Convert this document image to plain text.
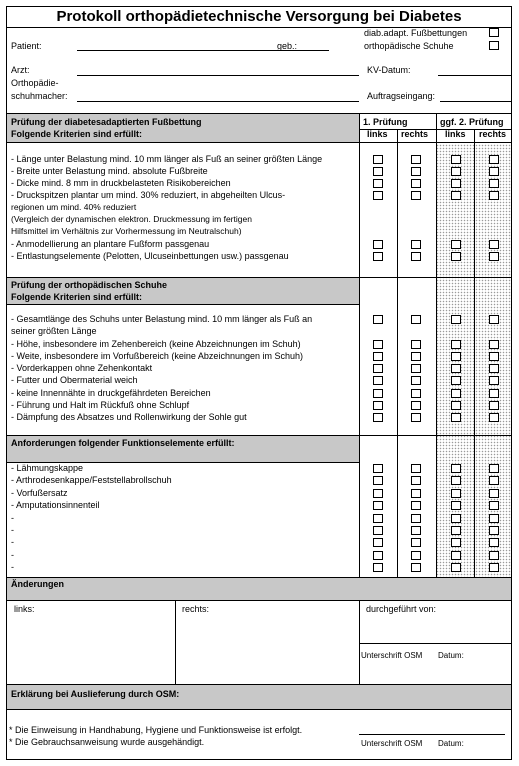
Protokoll orthopädietechnische Versorgung bei Diabetes
Patient:	geb.:
diab.adapt. Fußbettungen
orthopädische Schuhe
Arzt:	KV-Datum:
Orthopädie-
schuhmacher:	Auftragseingang:
Prüfung der diabetesadaptierten Fußbettung
Folgende Kriterien sind erfüllt:
1. Prüfung	ggf. 2. Prüfung
links rechts links rechts
- Länge unter Belastung mind. 10 mm länger als Fuß an seiner größten Länge
- Breite unter Belastung mind. absolute Fußbreite
- Dicke mind. 8 mm in druckbelasteten Risikobereichen
- Druckspitzen plantar um mind. 30% reduziert, in abgeheilten Ulcus-
regionen um mind. 40% reduziert
(Vergleich der dynamischen elektron. Druckmessung im fertigen
Hilfsmittel im Verhältnis zur Vorhermessung im Neutralschuh)
- Anmodellierung an plantare Fußform passgenau
- Entlastungselemente (Pelotten, Ulcuseinbettungen usw.) passgenau
Prüfung der orthopädischen Schuhe
Folgende Kriterien sind erfüllt:
- Gesamtlänge des Schuhs unter Belastung mind. 10 mm länger als Fuß an
seiner größten Länge
- Höhe, insbesondere im Zehenbereich (keine Abzeichnungen im Schuh)
- Weite, insbesondere im Vorfußbereich (keine Abzeichnungen im Schuh)
- Vorderkappen ohne Zehenkontakt
- Futter und Obermaterial weich
- keine Innennähte in druckgefährdeten Bereichen
- Führung und Halt im Rückfuß ohne Schlupf
- Dämpfung des Absatzes und Rollenwirkung der Sohle gut
Anforderungen folgender Funktionselemente erfüllt:
- Lähmungskappe
- Arthrodesenkappe/Feststellabrollschuh
- Vorfußersatz
- Amputationsinnenteil
-
-
-
-
-
Änderungen
links:	rechts:	durchgeführt von:
Unterschrift OSM Datum:
Erklärung bei Auslieferung durch OSM:
* Die Einweisung in Handhabung, Hygiene und Funktionsweise ist erfolgt.
* Die Gebrauchsanweisung wurde ausgehändigt.	Unterschrift OSM Datum:
